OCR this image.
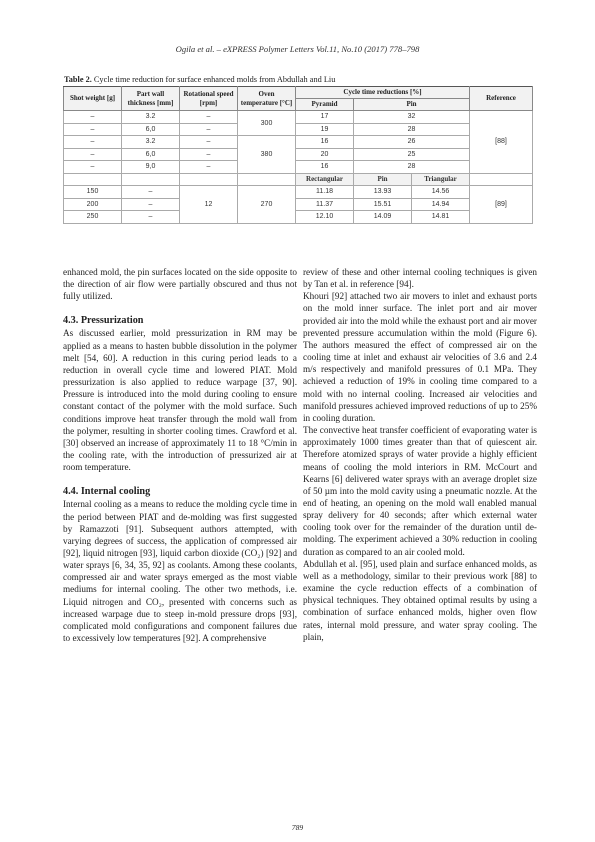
Ogila et al. – eXPRESS Polymer Letters Vol.11, No.10 (2017) 778–798
Table 2. Cycle time reduction for surface enhanced molds from Abdullah and Liu
Shot weight [g]	Part wall thickness [mm]	Rotational speed [rpm]	Oven temperature [°C]	Cycle time reductions [%]			Reference
				Pyramid	Pin		
–	3.2	–	300	17	32		[88]
–	6,0	–		19	28		
–	3.2	–	380	16	26		
–	6,0	–		20	25		
–	9,0	–		16	28		
				Rectangular	Pin	Triangular	
150	–	12	270	11.18	13.93	14.56	[89]
200	–			11.37	15.51	14.94	
250	–			12.10	14.09	14.81	

enhanced mold, the pin surfaces located on the side opposite to the direction of air flow were partially obscured and thus not fully utilized.

4.3. Pressurization

As discussed earlier, mold pressurization in RM may be applied as a means to hasten bubble dissolution in the polymer melt [54, 60]. A reduction in this curing period leads to a reduction in overall cycle time and lowered PIAT. Mold pressurization is also applied to reduce warpage [37, 90]. Pressure is introduced into the mold during cooling to ensure constant contact of the polymer with the mold surface. Such conditions improve heat transfer through the mold wall from the polymer, resulting in shorter cooling times. Crawford et al. [30] observed an increase of approximately 11 to 18 °C/min in the cooling rate, with the introduction of pressurized air at room temperature.

4.4. Internal cooling

Internal cooling as a means to reduce the molding cycle time in the period between PIAT and de-molding was first suggested by Ramazzoti [91]. Subsequent authors attempted, with varying degrees of success, the application of compressed air [92], liquid nitrogen [93], liquid carbon dioxide (CO₂) [92] and water sprays [6, 34, 35, 92] as coolants. Among these coolants, compressed air and water sprays emerged as the most viable mediums for internal cooling. The other two methods, i.e. Liquid nitrogen and CO₂, presented with concerns such as increased warpage due to steep in-mold pressure drops [93], complicated mold configurations and component failures due to excessively low temperatures [92]. A comprehensive

review of these and other internal cooling techniques is given by Tan et al. in reference [94].

Khouri [92] attached two air movers to inlet and exhaust ports on the mold inner surface. The inlet port and air mover provided air into the mold while the exhaust port and air mover prevented pressure accumulation within the mold (Figure 6). The authors measured the effect of compressed air on the cooling time at inlet and exhaust air velocities of 3.6 and 2.4 m/s respectively and manifold pressures of 0.1 MPa. They achieved a reduction of 19% in cooling time compared to a mold with no internal cooling. Increased air velocities and manifold pressures achieved improved reductions of up to 25% in cooling duration.

The convective heat transfer coefficient of evaporating water is approximately 1000 times greater than that of quiescent air. Therefore atomized sprays of water provide a highly efficient means of cooling the mold interiors in RM. McCourt and Kearns [6] delivered water sprays with an average droplet size of 50 µm into the mold cavity using a pneumatic nozzle. At the end of heating, an opening on the mold wall enabled manual spray delivery for 40 seconds; after which external water cooling took over for the remainder of the duration until de-molding. The experiment achieved a 30% reduction in cooling duration as compared to an air cooled mold.

Abdullah et al. [95], used plain and surface enhanced molds, as well as a methodology, similar to their previous work [88] to examine the cycle reduction effects of a combination of physical techniques. They obtained optimal results by using a combination of surface enhanced molds, higher oven flow rates, internal mold pressure, and water spray cooling. The plain,

789
